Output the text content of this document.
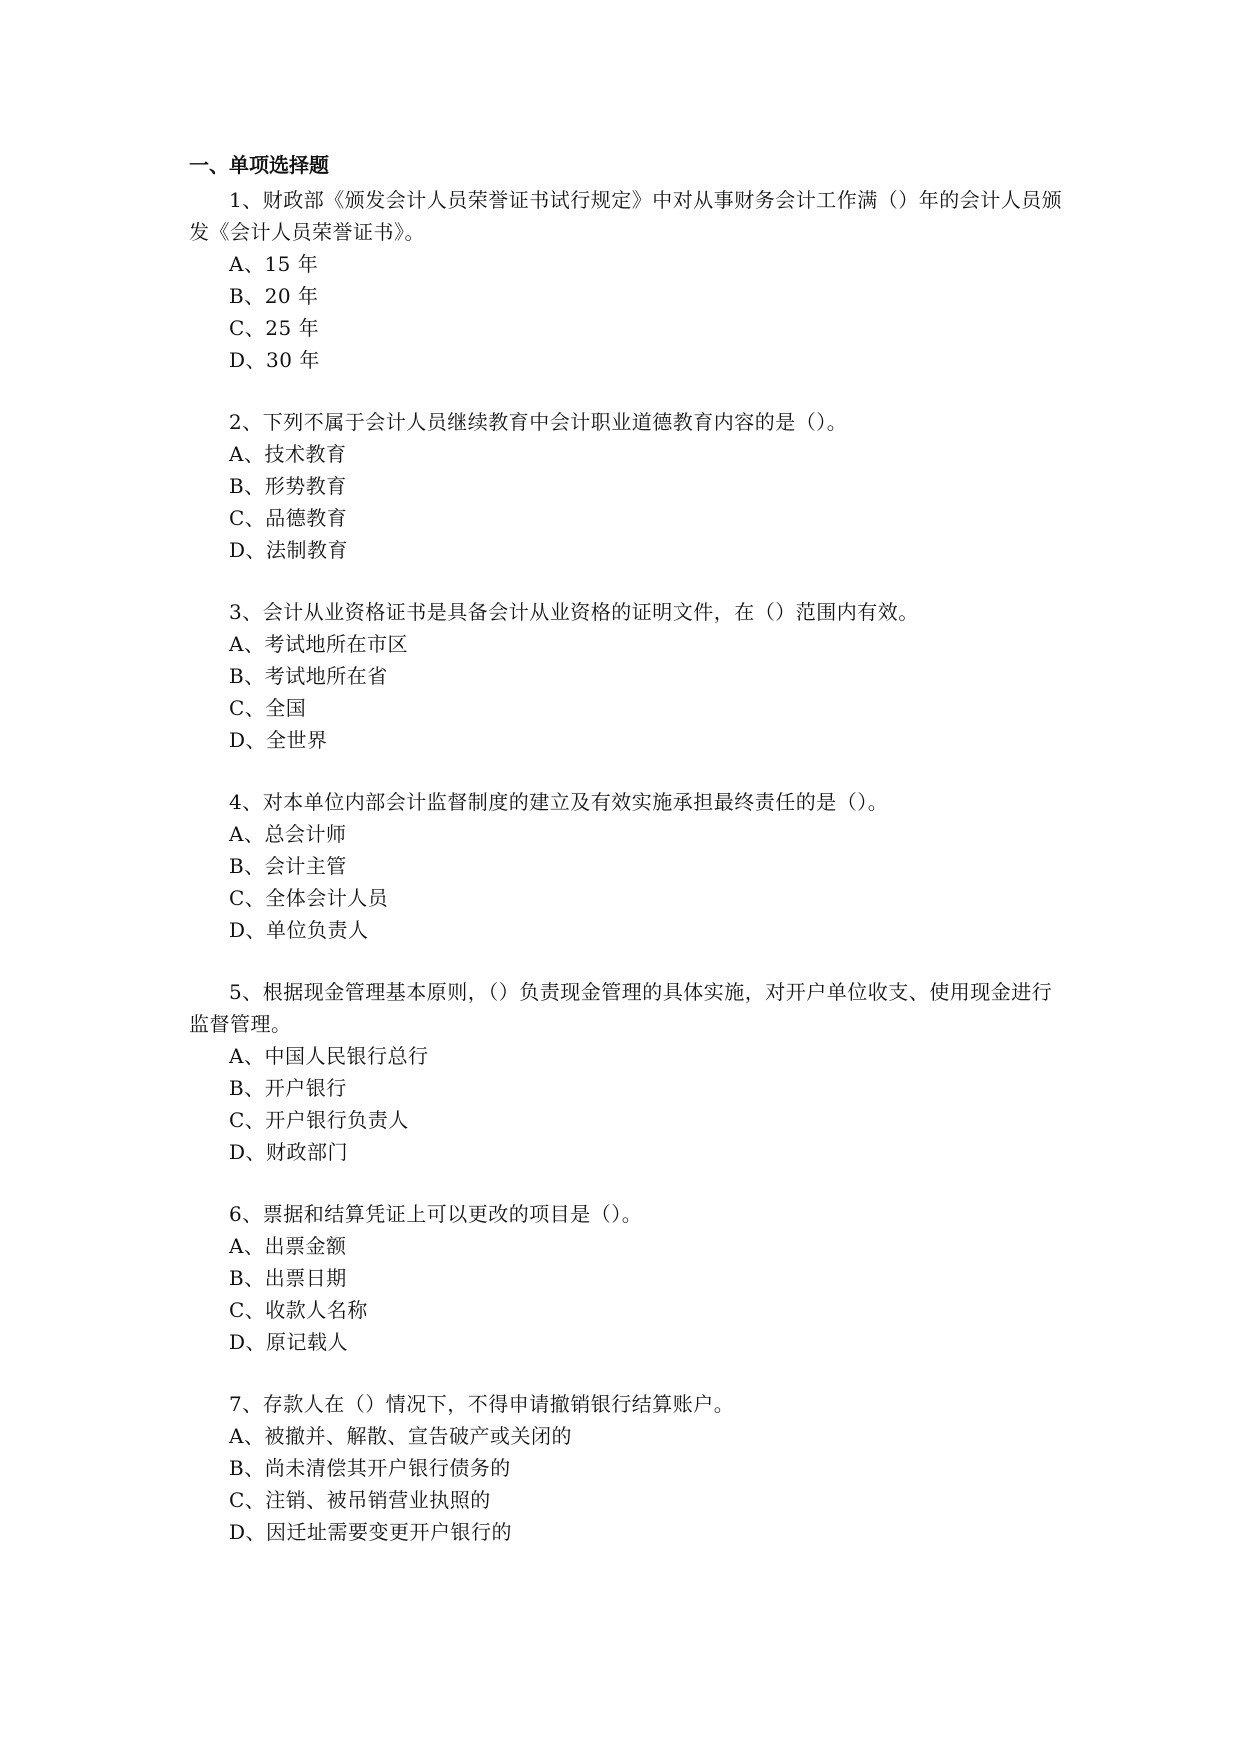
一、单项选择题

1、财政部《颁发会计人员荣誉证书试行规定》中对从事财务会计工作满（）年的会计人员颁发《会计人员荣誉证书》。

A、15 年
B、20 年
C、25 年
D、30 年

2、下列不属于会计人员继续教育中会计职业道德教育内容的是（）。

A、技术教育
B、形势教育
C、品德教育
D、法制教育

3、会计从业资格证书是具备会计从业资格的证明文件，在（）范围内有效。

A、考试地所在市区
B、考试地所在省
C、全国
D、全世界

4、对本单位内部会计监督制度的建立及有效实施承担最终责任的是（）。

A、总会计师
B、会计主管
C、全体会计人员
D、单位负责人

5、根据现金管理基本原则，（）负责现金管理的具体实施，对开户单位收支、使用现金进行监督管理。

A、中国人民银行总行
B、开户银行
C、开户银行负责人
D、财政部门

6、票据和结算凭证上可以更改的项目是（）。

A、出票金额
B、出票日期
C、收款人名称
D、原记载人

7、存款人在（）情况下，不得申请撤销银行结算账户。

A、被撤并、解散、宣告破产或关闭的
B、尚未清偿其开户银行债务的
C、注销、被吊销营业执照的
D、因迁址需要变更开户银行的
